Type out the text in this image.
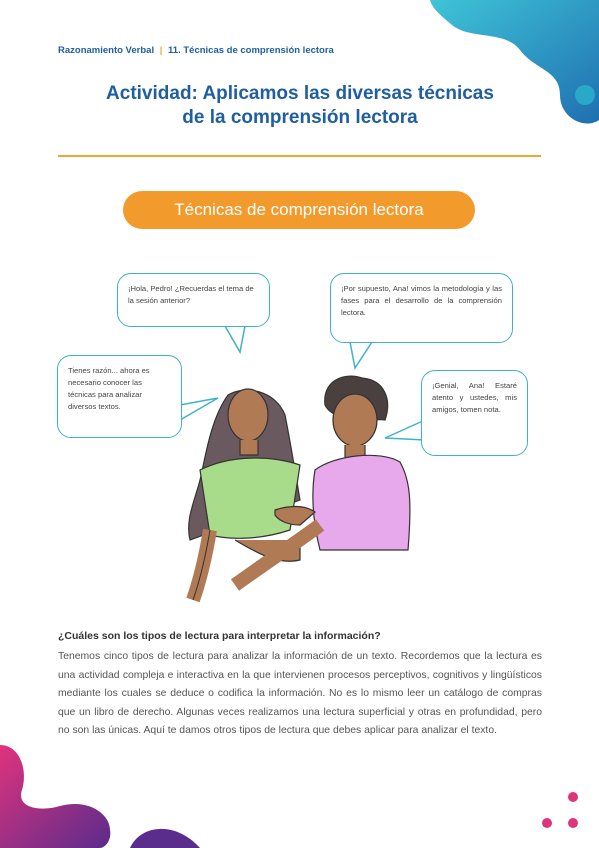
Razonamiento Verbal | 11. Técnicas de comprensión lectora
Actividad: Aplicamos las diversas técnicas
de la comprensión lectora
Técnicas de comprensión lectora
¡Hola, Pedro! ¿Recuerdas el tema de la sesión anterior?
¡Por supuesto, Ana! vimos la metodología y las fases para el desarrollo de la comprensión lectora.
Tienes razón... ahora es necesario conocer las técnicas para analizar diversos textos.
¡Genial, Ana! Estaré atento y ustedes, mis amigos, tomen nota.
¿Cuáles son los tipos de lectura para interpretar la información?
Tenemos cinco tipos de lectura para analizar la información de un texto. Recordemos que la lectura es una actividad compleja e interactiva en la que intervienen procesos perceptivos, cognitivos y lingüísticos mediante los cuales se deduce o codifica la información. No es lo mismo leer un catálogo de compras que un libro de derecho. Algunas veces realizamos una lectura superficial y otras en profundidad, pero no son las únicas. Aquí te damos otros tipos de lectura que debes aplicar para analizar el texto.
